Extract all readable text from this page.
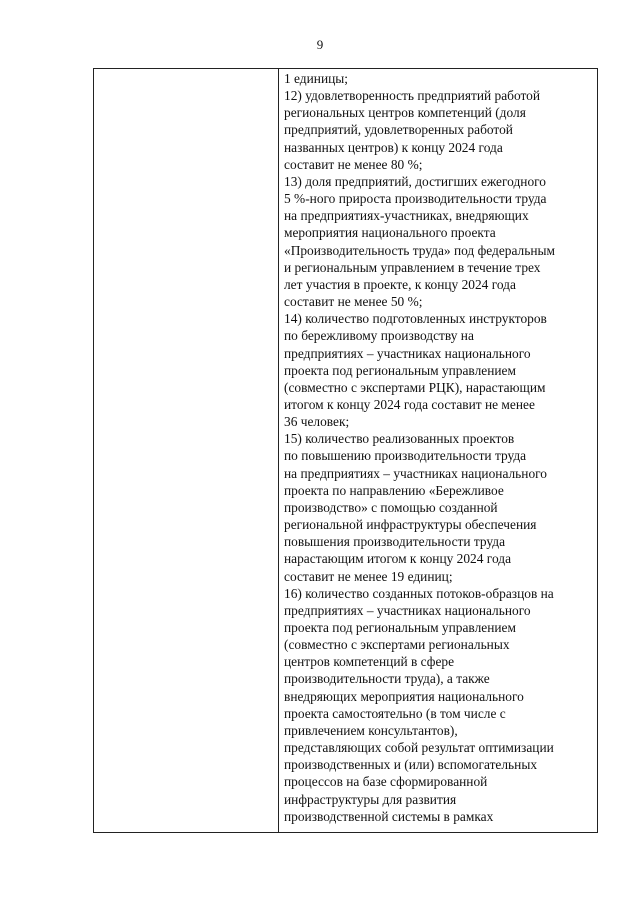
9
1 единицы;
12) удовлетворенность предприятий работой
региональных центров компетенций (доля
предприятий, удовлетворенных работой
названных центров) к концу 2024 года
составит не менее 80 %;
13) доля предприятий, достигших ежегодного
5 %-ного прироста производительности труда
на предприятиях-участниках, внедряющих
мероприятия национального проекта
«Производительность труда» под федеральным
и региональным управлением в течение трех
лет участия в проекте, к концу 2024 года
составит не менее 50 %;
14) количество подготовленных инструкторов
по бережливому производству на
предприятиях – участниках национального
проекта под региональным управлением
(совместно с экспертами РЦК), нарастающим
итогом к концу 2024 года составит не менее
36 человек;
15) количество реализованных проектов
по повышению производительности труда
на предприятиях – участниках национального
проекта по направлению «Бережливое
производство» с помощью созданной
региональной инфраструктуры обеспечения
повышения производительности труда
нарастающим итогом к концу 2024 года
составит не менее 19 единиц;
16) количество созданных потоков-образцов на
предприятиях – участниках национального
проекта под региональным управлением
(совместно с экспертами региональных
центров компетенций в сфере
производительности труда), а также
внедряющих мероприятия национального
проекта самостоятельно (в том числе с
привлечением консультантов),
представляющих собой результат оптимизации
производственных и (или) вспомогательных
процессов на базе сформированной
инфраструктуры для развития
производственной системы в рамках
